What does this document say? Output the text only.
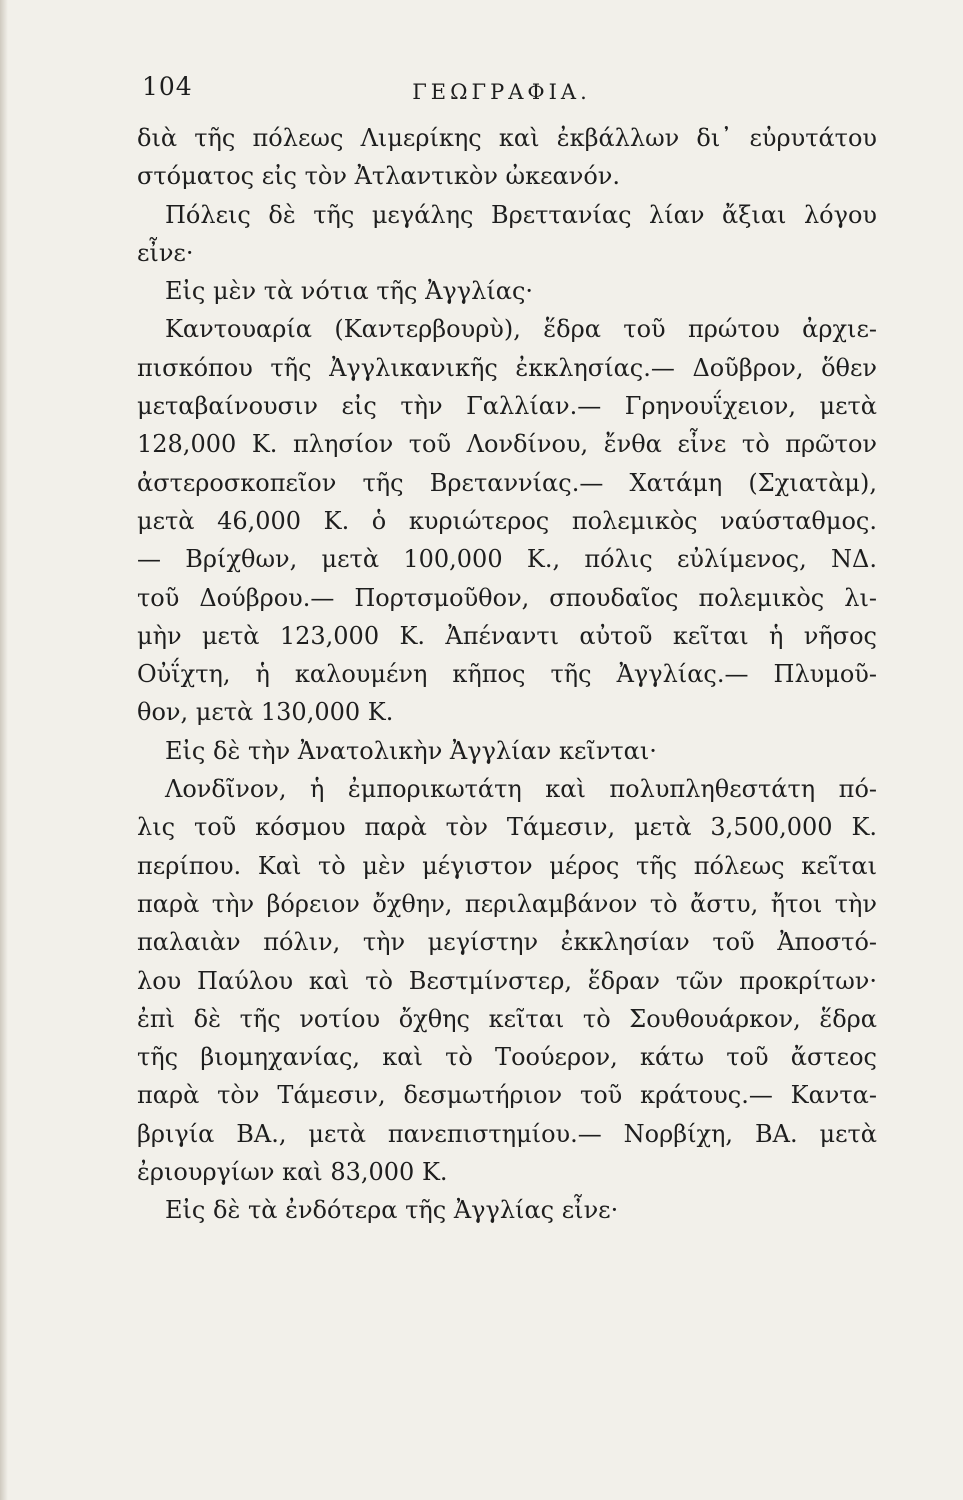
104	ΓΕΩΓΡΑΦΙΑ.
διὰ τῆς πόλεως Λιμερίκης καὶ ἐκβάλλων δι᾽ εὐρυτάτου
στόματος εἰς τὸν Ἀτλαντικὸν ὠκεανόν.
Πόλεις δὲ τῆς μεγάλης Βρεττανίας λίαν ἄξιαι λόγου
εἶνε·
Εἰς μὲν τὰ νότια τῆς Ἀγγλίας·
Καντουαρία (Καντερβουρὺ), ἕδρα τοῦ πρώτου ἀρχιε-
πισκόπου τῆς Ἀγγλικανικῆς ἐκκλησίας.— Δοῦβρον, ὅθεν
μεταβαίνουσιν εἰς τὴν Γαλλίαν.— Γρηνουΐχειον, μετὰ
128,000 Κ. πλησίον τοῦ Λονδίνου, ἔνθα εἶνε τὸ πρῶτον
ἀστεροσκοπεῖον τῆς Βρεταννίας.— Χατάμη (Σχιατὰμ),
μετὰ 46,000 Κ. ὁ κυριώτερος πολεμικὸς ναύσταθμος.
— Βρίχθων, μετὰ 100,000 Κ., πόλις εὐλίμενος, ΝΔ.
τοῦ Δούβρου.— Πορτσμοῦθον, σπουδαῖος πολεμικὸς λι-
μὴν μετὰ 123,000 Κ. Ἀπέναντι αὐτοῦ κεῖται ἡ νῆσος
Οὐΐχτη, ἡ καλουμένη κῆπος τῆς Ἀγγλίας.— Πλυμοῦ-
θον, μετὰ 130,000 Κ.
Εἰς δὲ τὴν Ἀνατολικὴν Ἀγγλίαν κεῖνται·
Λονδῖνον, ἡ ἐμπορικωτάτη καὶ πολυπληθεστάτη πό-
λις τοῦ κόσμου παρὰ τὸν Τάμεσιν, μετὰ 3,500,000 Κ.
περίπου. Καὶ τὸ μὲν μέγιστον μέρος τῆς πόλεως κεῖται
παρὰ τὴν βόρειον ὄχθην, περιλαμβάνον τὸ ἄστυ, ἤτοι τὴν
παλαιὰν πόλιν, τὴν μεγίστην ἐκκλησίαν τοῦ Ἀποστό-
λου Παύλου καὶ τὸ Βεστμίνστερ, ἕδραν τῶν προκρίτων·
ἐπὶ δὲ τῆς νοτίου ὄχθης κεῖται τὸ Σουθουάρκον, ἕδρα
τῆς βιομηχανίας, καὶ τὸ Τοούερον, κάτω τοῦ ἄστεος
παρὰ τὸν Τάμεσιν, δεσμωτήριον τοῦ κράτους.— Καντα-
βριγία ΒΑ., μετὰ πανεπιστημίου.— Νορβίχη, ΒΑ. μετὰ
ἐριουργίων καὶ 83,000 Κ.
Εἰς δὲ τὰ ἐνδότερα τῆς Ἀγγλίας εἶνε·
